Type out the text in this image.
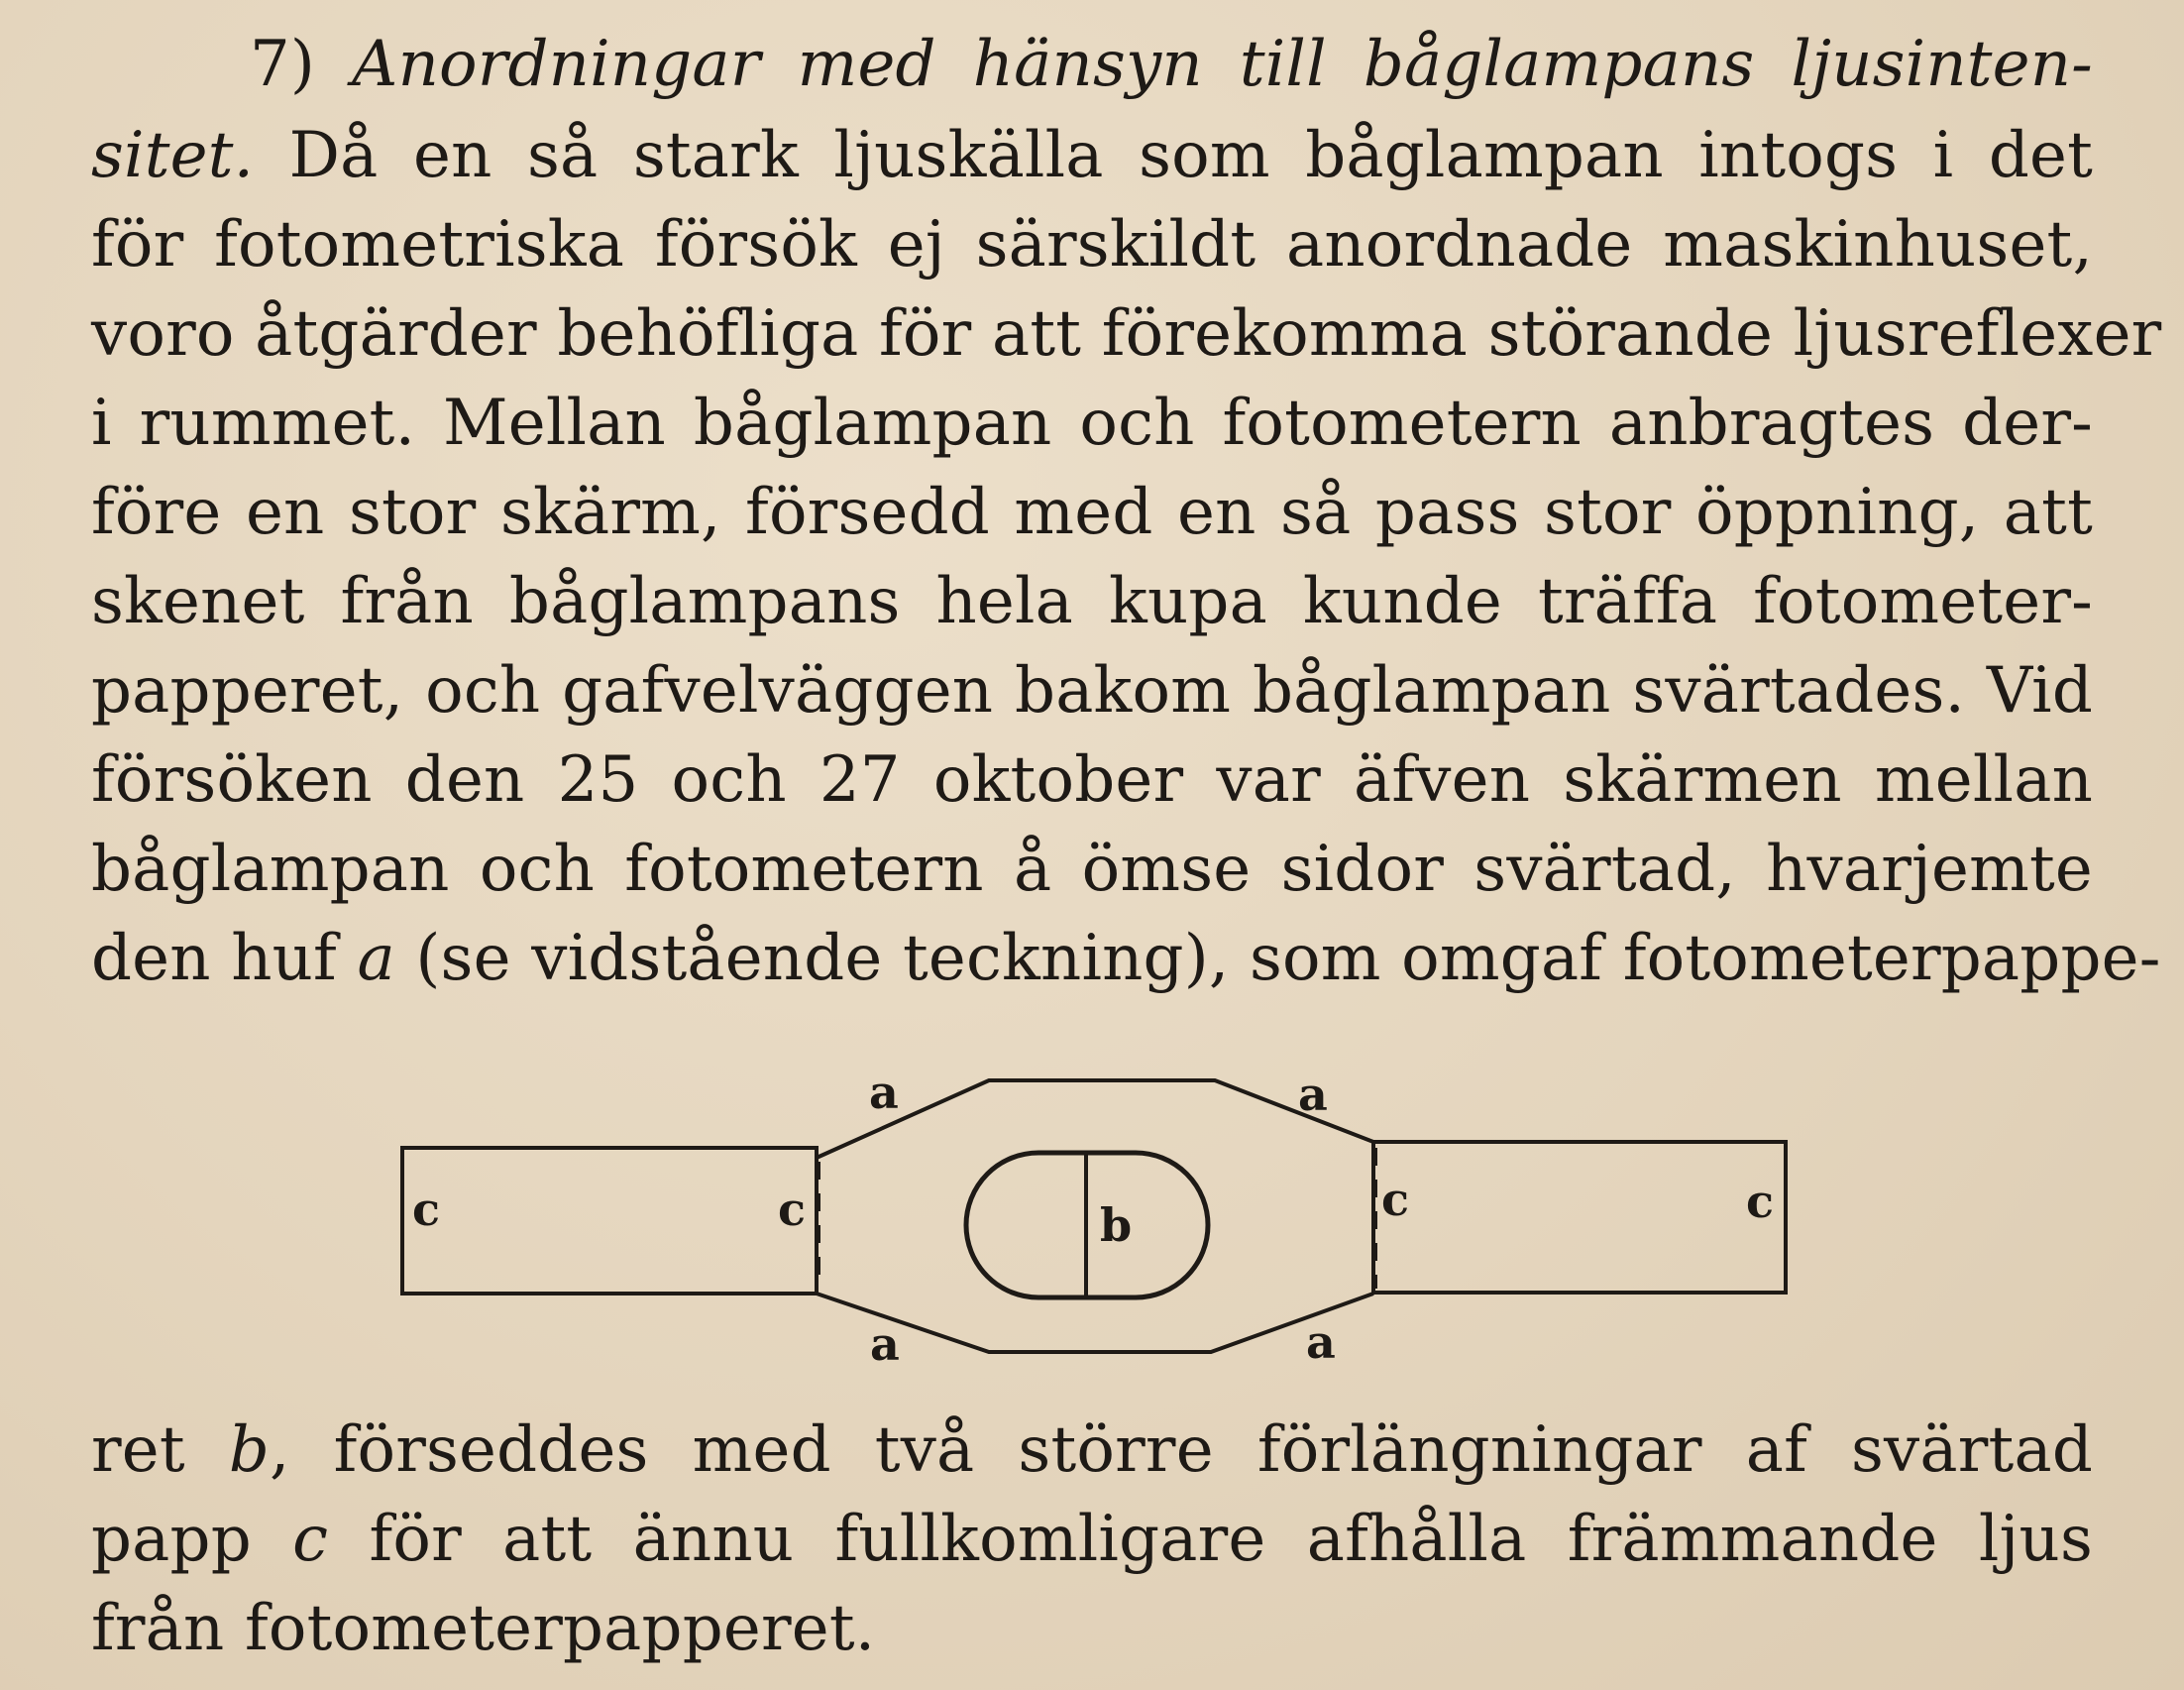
7) Anordningar med hänsyn till båglampans ljusinten-
sitet. Då en så stark ljuskälla som båglampan intogs i det
för fotometriska försök ej särskildt anordnade maskinhuset,
voro åtgärder behöfliga för att förekomma störande ljusreflexer
i rummet. Mellan båglampan och fotometern anbragtes der-
före en stor skärm, försedd med en så pass stor öppning, att
skenet från båglampans hela kupa kunde träffa fotometer-
papperet, och gafvelväggen bakom båglampan svärtades. Vid
försöken den 25 och 27 oktober var äfven skärmen mellan
båglampan och fotometern å ömse sidor svärtad, hvarjemte
den huf a (se vidstående teckning), som omgaf fotometerpappe-
a	a
a	a
b
c	c	c	c
ret b, förseddes med två större förlängningar af svärtad
papp c för att ännu fullkomligare afhålla främmande ljus
från fotometerpapperet.
